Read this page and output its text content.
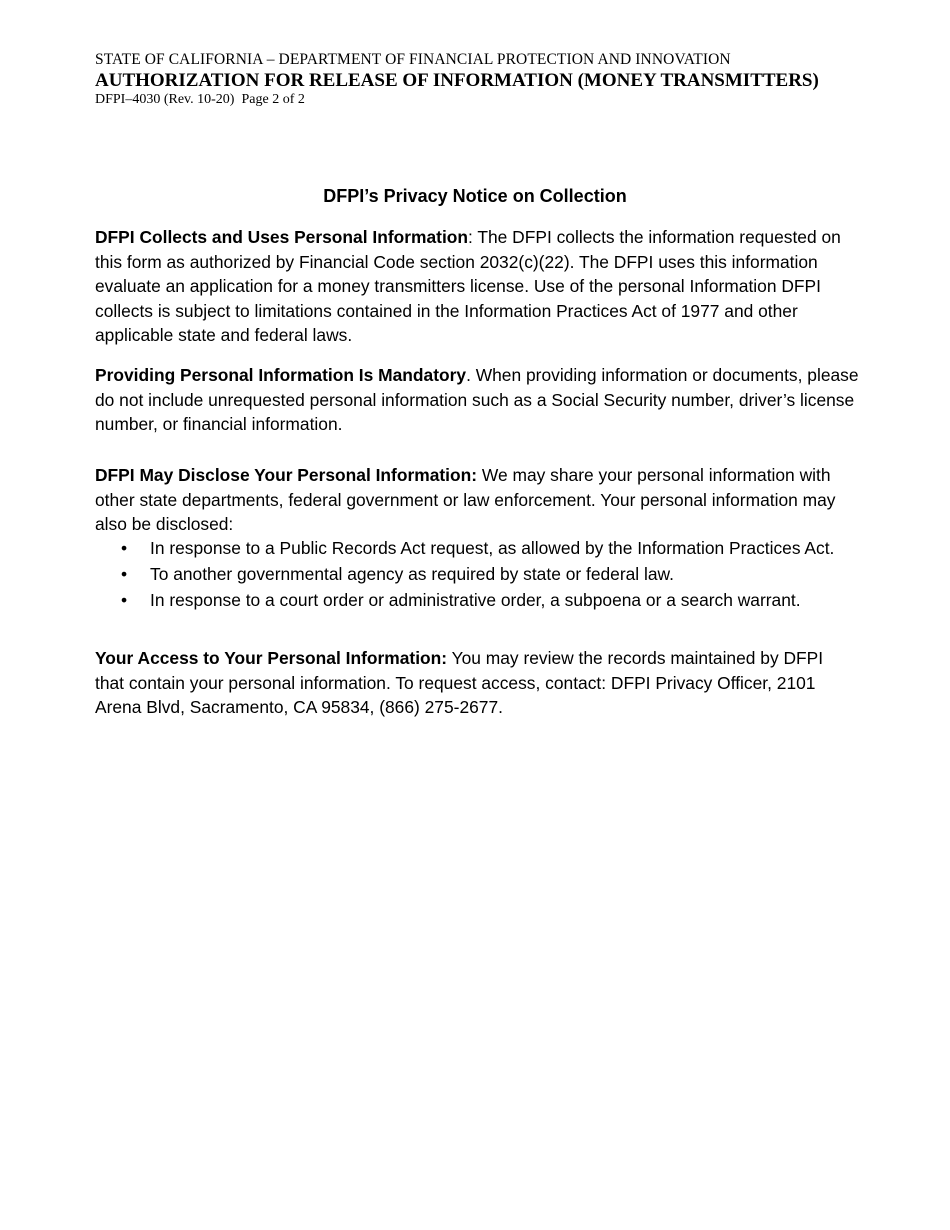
STATE OF CALIFORNIA – DEPARTMENT OF FINANCIAL PROTECTION AND INNOVATION
AUTHORIZATION FOR RELEASE OF INFORMATION (MONEY TRANSMITTERS)
DFPI–4030 (Rev. 10-20)  Page 2 of 2
DFPI’s Privacy Notice on Collection
DFPI Collects and Uses Personal Information: The DFPI collects the information requested on this form as authorized by Financial Code section 2032(c)(22). The DFPI uses this information evaluate an application for a money transmitters license. Use of the personal Information DFPI collects is subject to limitations contained in the Information Practices Act of 1977 and other applicable state and federal laws.
Providing Personal Information Is Mandatory. When providing information or documents, please do not include unrequested personal information such as a Social Security number, driver’s license number, or financial information.
DFPI May Disclose Your Personal Information: We may share your personal information with other state departments, federal government or law enforcement. Your personal information may also be disclosed:
• In response to a Public Records Act request, as allowed by the Information Practices Act.
• To another governmental agency as required by state or federal law.
• In response to a court order or administrative order, a subpoena or a search warrant.
Your Access to Your Personal Information: You may review the records maintained by DFPI that contain your personal information. To request access, contact: DFPI Privacy Officer, 2101 Arena Blvd, Sacramento, CA 95834, (866) 275-2677.
